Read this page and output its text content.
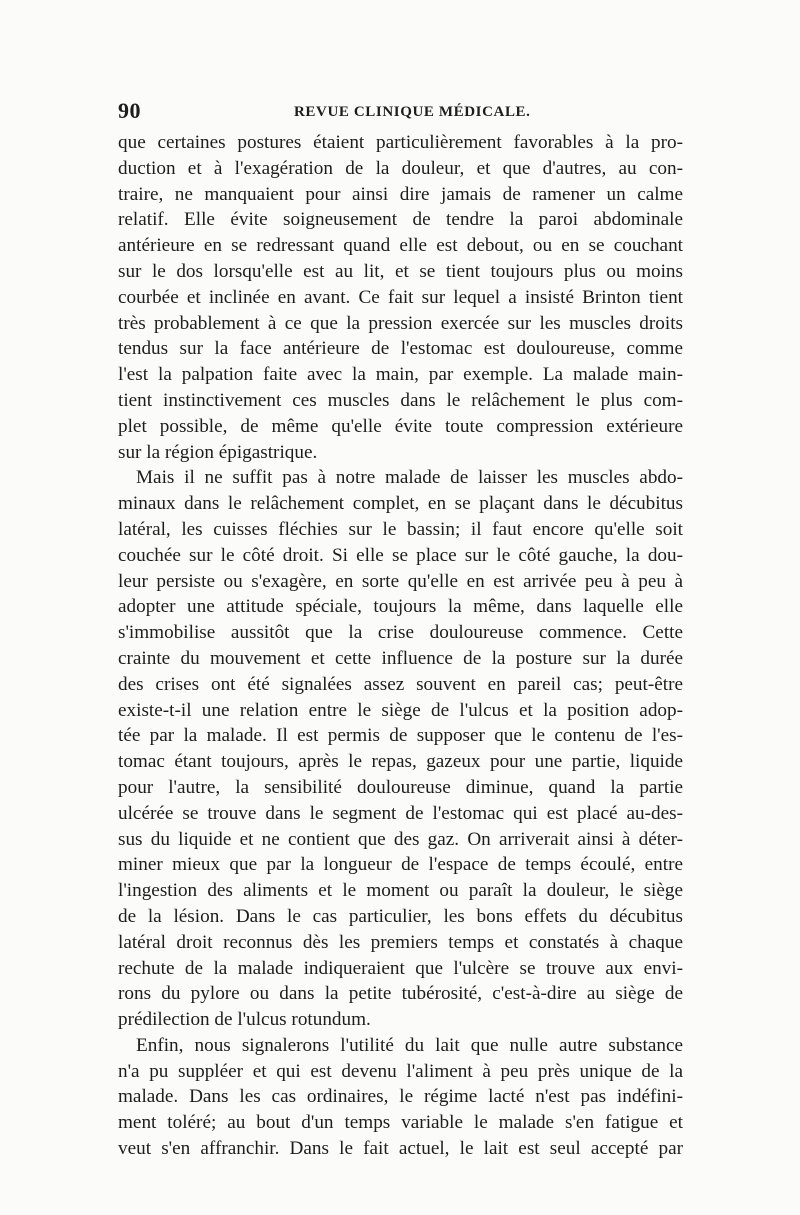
90	REVUE CLINIQUE MÉDICALE.
que certaines postures étaient particulièrement favorables à la pro-
duction et à l'exagération de la douleur, et que d'autres, au con-
traire, ne manquaient pour ainsi dire jamais de ramener un calme
relatif. Elle évite soigneusement de tendre la paroi abdominale
antérieure en se redressant quand elle est debout, ou en se couchant
sur le dos lorsqu'elle est au lit, et se tient toujours plus ou moins
courbée et inclinée en avant. Ce fait sur lequel a insisté Brinton tient
très probablement à ce que la pression exercée sur les muscles droits
tendus sur la face antérieure de l'estomac est douloureuse, comme
l'est la palpation faite avec la main, par exemple. La malade main-
tient instinctivement ces muscles dans le relâchement le plus com-
plet possible, de même qu'elle évite toute compression extérieure
sur la région épigastrique.
Mais il ne suffit pas à notre malade de laisser les muscles abdo-
minaux dans le relâchement complet, en se plaçant dans le décubitus
latéral, les cuisses fléchies sur le bassin; il faut encore qu'elle soit
couchée sur le côté droit. Si elle se place sur le côté gauche, la dou-
leur persiste ou s'exagère, en sorte qu'elle en est arrivée peu à peu à
adopter une attitude spéciale, toujours la même, dans laquelle elle
s'immobilise aussitôt que la crise douloureuse commence. Cette
crainte du mouvement et cette influence de la posture sur la durée
des crises ont été signalées assez souvent en pareil cas; peut-être
existe-t-il une relation entre le siège de l'ulcus et la position adop-
tée par la malade. Il est permis de supposer que le contenu de l'es-
tomac étant toujours, après le repas, gazeux pour une partie, liquide
pour l'autre, la sensibilité douloureuse diminue, quand la partie
ulcérée se trouve dans le segment de l'estomac qui est placé au-des-
sus du liquide et ne contient que des gaz. On arriverait ainsi à déter-
miner mieux que par la longueur de l'espace de temps écoulé, entre
l'ingestion des aliments et le moment ou paraît la douleur, le siège
de la lésion. Dans le cas particulier, les bons effets du décubitus
latéral droit reconnus dès les premiers temps et constatés à chaque
rechute de la malade indiqueraient que l'ulcère se trouve aux envi-
rons du pylore ou dans la petite tubérosité, c'est-à-dire au siège de
prédilection de l'ulcus rotundum.
Enfin, nous signalerons l'utilité du lait que nulle autre substance
n'a pu suppléer et qui est devenu l'aliment à peu près unique de la
malade. Dans les cas ordinaires, le régime lacté n'est pas indéfini-
ment toléré; au bout d'un temps variable le malade s'en fatigue et
veut s'en affranchir. Dans le fait actuel, le lait est seul accepté par
